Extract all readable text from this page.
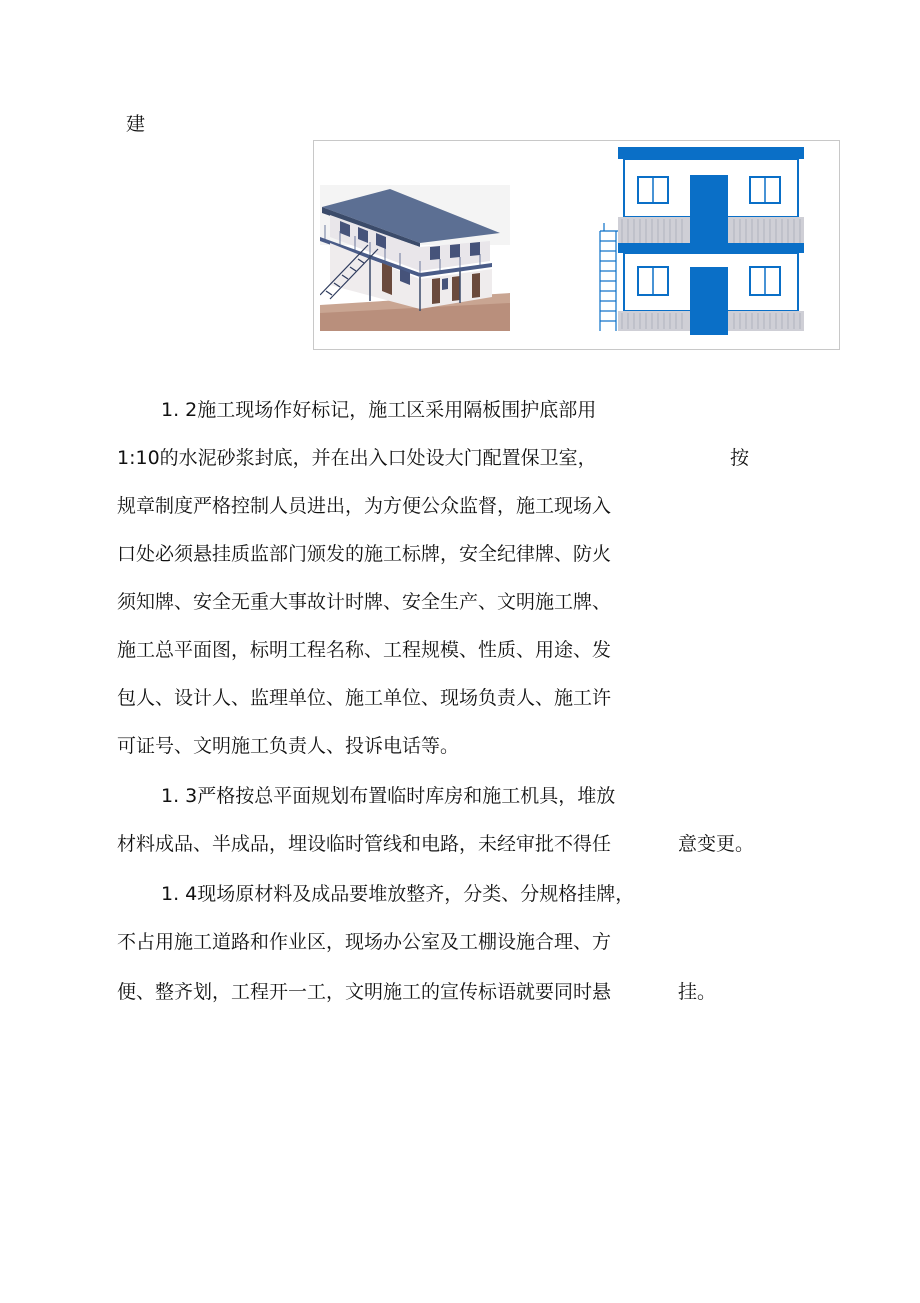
建
1. 2施工现场作好标记，施工区采用隔板围护底部用
1:10的水泥砂浆封底，并在出入口处设大门配置保卫室，	按
规章制度严格控制人员进出，为方便公众监督，施工现场入
口处必须悬挂质监部门颁发的施工标牌，安全纪律牌、防火
须知牌、安全无重大事故计时牌、安全生产、文明施工牌、
施工总平面图，标明工程名称、工程规模、性质、用途、发
包人、设计人、监理单位、施工单位、现场负责人、施工许
可证号、文明施工负责人、投诉电话等。
1. 3严格按总平面规划布置临时库房和施工机具，堆放
材料成品、半成品，埋设临时管线和电路，未经审批不得任	意变更。
1. 4现场原材料及成品要堆放整齐，分类、分规格挂牌，
不占用施工道路和作业区，现场办公室及工棚设施合理、方
便、整齐划，工程开一工，文明施工的宣传标语就要同时悬	挂。
